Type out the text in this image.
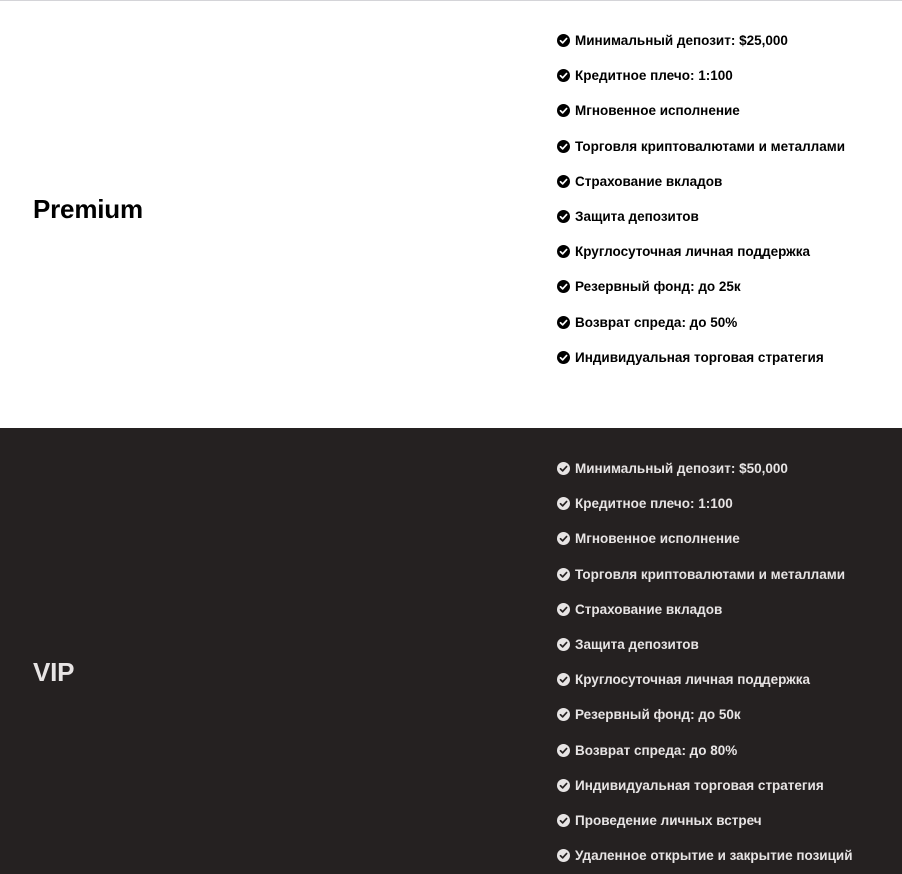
Premium
Минимальный депозит: $25,000
Кредитное плечо: 1:100
Мгновенное исполнение
Торговля криптовалютами и металлами
Страхование вкладов
Защита депозитов
Круглосуточная личная поддержка
Резервный фонд: до 25к
Возврат спреда: до 50%
Индивидуальная торговая стратегия
VIP
Минимальный депозит: $50,000
Кредитное плечо: 1:100
Мгновенное исполнение
Торговля криптовалютами и металлами
Страхование вкладов
Защита депозитов
Круглосуточная личная поддержка
Резервный фонд: до 50к
Возврат спреда: до 80%
Индивидуальная торговая стратегия
Проведение личных встреч
Удаленное открытие и закрытие позиций
